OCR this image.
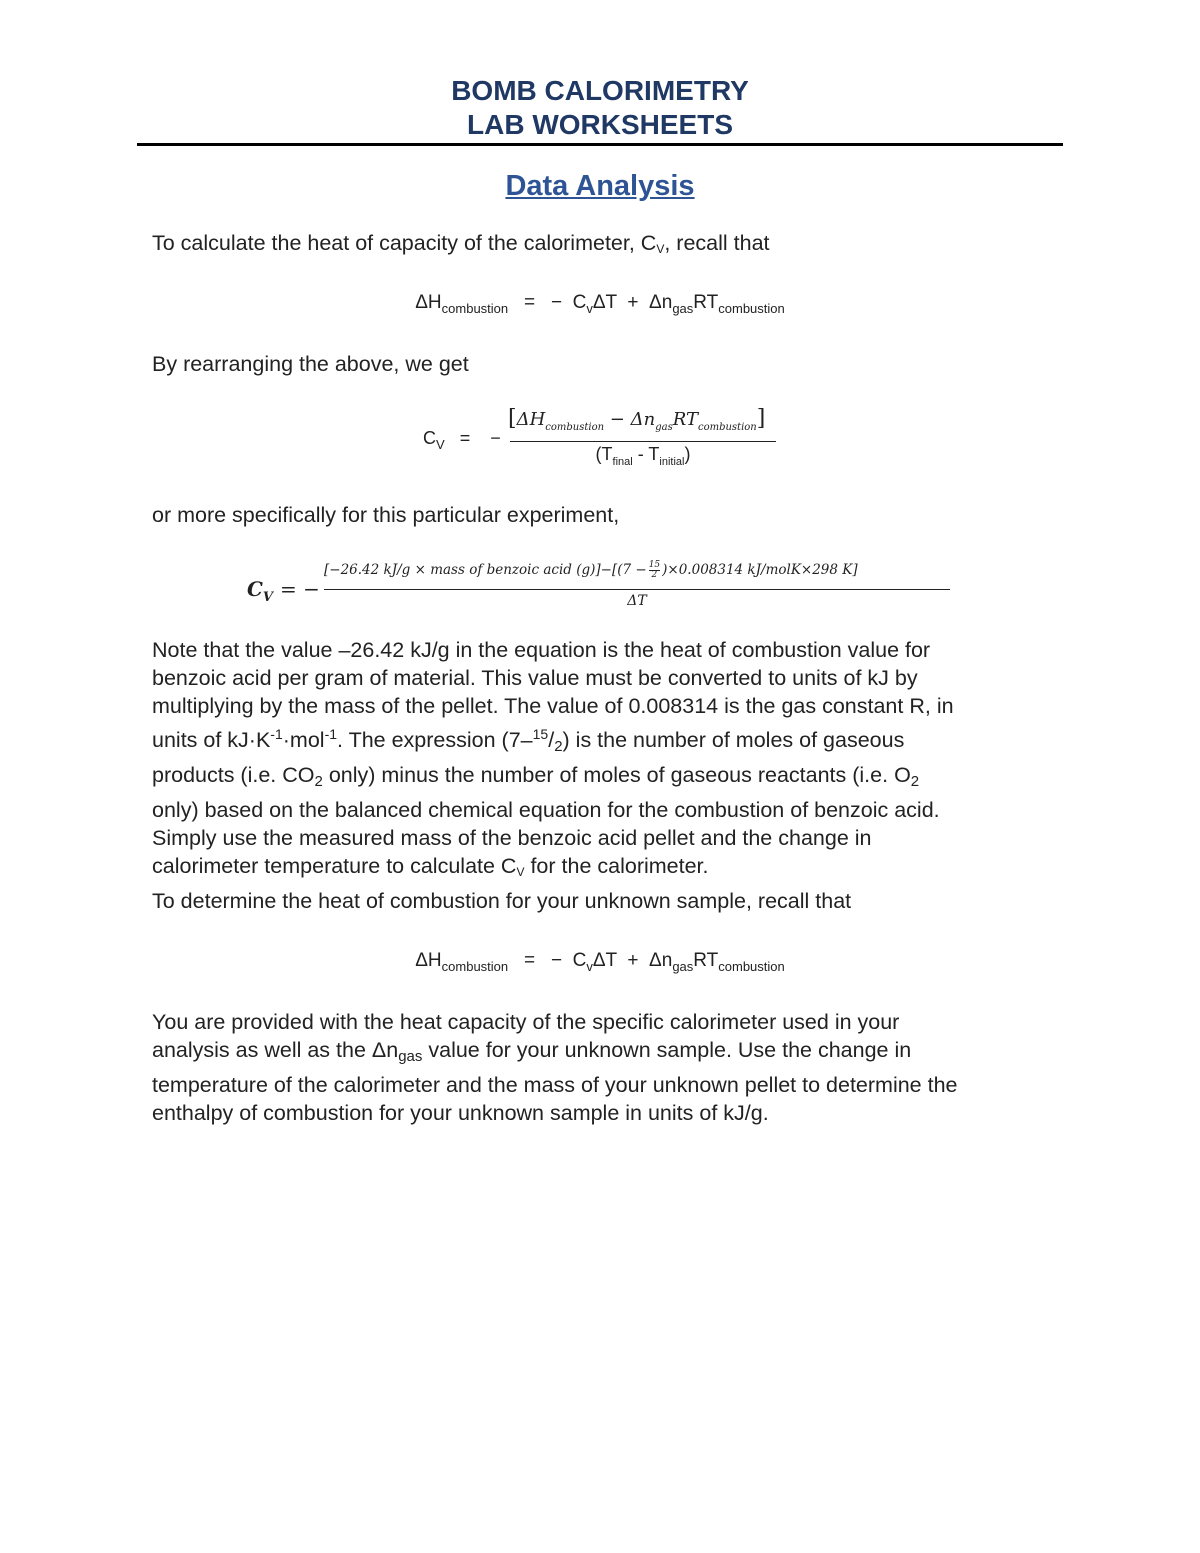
BOMB CALORIMETRY
LAB WORKSHEETS
Data Analysis
To calculate the heat of capacity of the calorimeter, CV, recall that
$\Delta H_{combustion}$ = − $C_v\Delta T + \Delta n_{gas}RT_{combustion}$
By rearranging the above, we get
$C_V$ = −
$[\Delta H_{combustion} - \Delta n_{gas}RT_{combustion}]$
$(T_{final} - T_{initial})$
or more specifically for this particular experiment,
$C_V$ = −
[−26.42 kJ/g × mass of benzoic acid $(g)]-[(7 - \frac{15}{2} )\times 0.008314$ kJ/molK×298 K]
ΔT
Note that the value –26.42 kJ/g in the equation is the heat of combustion value for
benzoic acid per gram of material. This value must be converted to units of kJ by
multiplying by the mass of the pellet. The value of 0.008314 is the gas constant R, in
units of $kJ\cdot K^{-1}\cdot mol^{-1}$. The expression $(7-^{15}/_2)$ is the number of moles of gaseous
products (i.e. $CO_2$ only) minus the number of moles of gaseous reactants (i.e. $O_2$
only) based on the balanced chemical equation for the combustion of benzoic acid.
Simply use the measured mass of the benzoic acid pellet and the change in
calorimeter temperature to calculate $C_V$ for the calorimeter.
To determine the heat of combustion for your unknown sample, recall that
$\Delta H_{combustion}$ = − $C_v\Delta T + \Delta n_{gas}RT_{combustion}$
You are provided with the heat capacity of the specific calorimeter used in your
analysis as well as the $\Delta n_{gas}$ value for your unknown sample. Use the change in
temperature of the calorimeter and the mass of your unknown pellet to determine the
enthalpy of combustion for your unknown sample in units of kJ/g.
